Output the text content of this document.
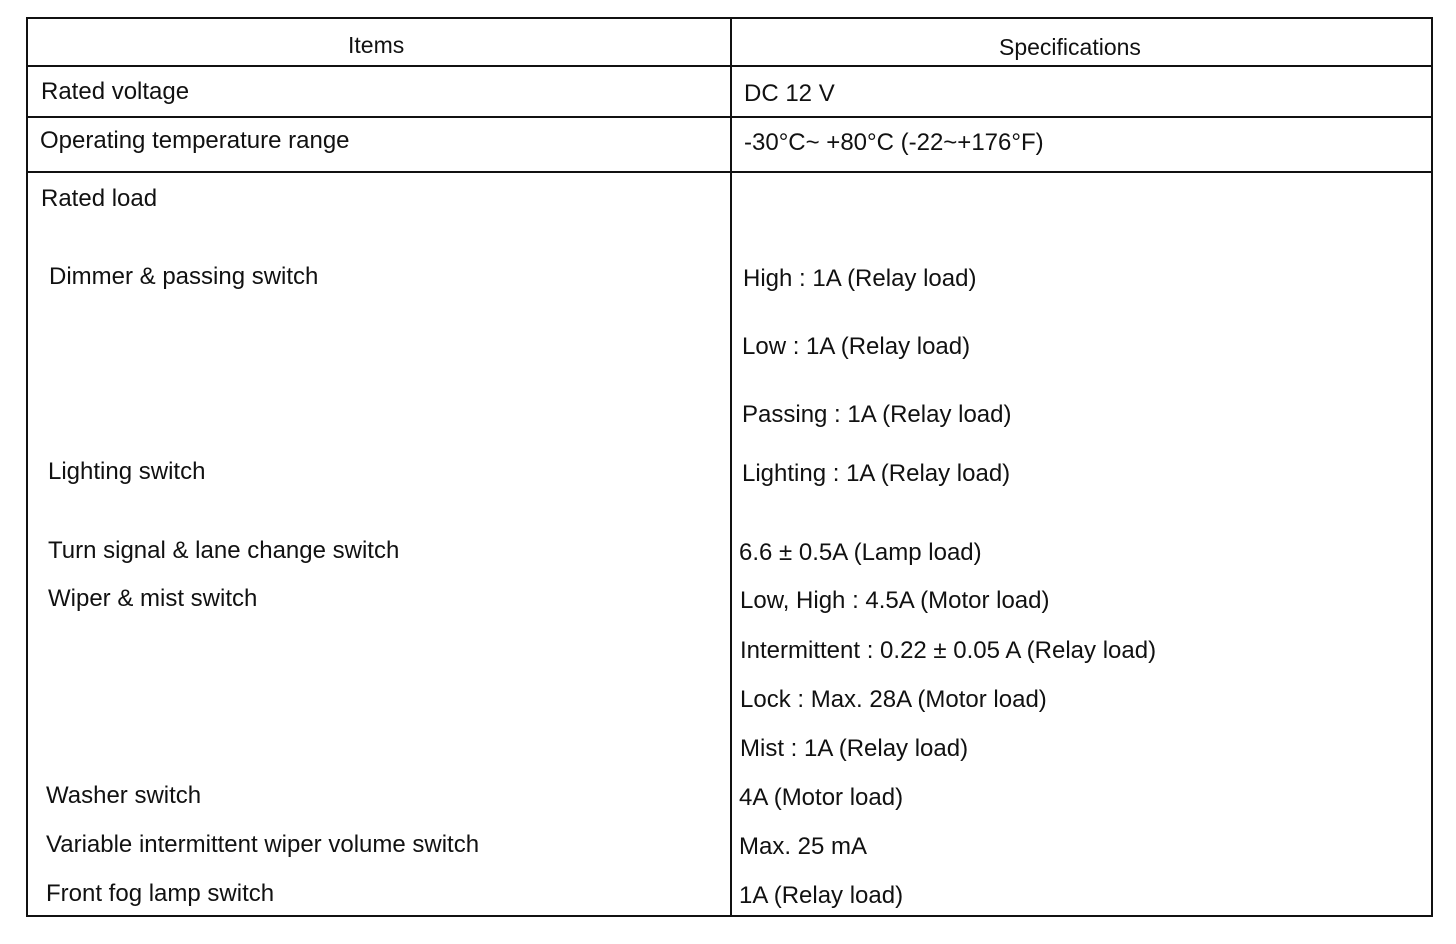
Items	Specifications
Rated voltage	DC 12 V
Operating temperature range	-30°C~ +80°C (-22~+176°F)
Rated load
Dimmer & passing switch	High : 1A (Relay load)
Low : 1A (Relay load)
Passing : 1A (Relay load)
Lighting switch	Lighting : 1A (Relay load)
Turn signal & lane change switch	6.6 ± 0.5A (Lamp load)
Wiper & mist switch	Low, High : 4.5A (Motor load)
Intermittent : 0.22 ± 0.05 A (Relay load)
Lock : Max. 28A (Motor load)
Mist : 1A (Relay load)
Washer switch	4A (Motor load)
Variable intermittent wiper volume switch	Max. 25 mA
Front fog lamp switch	1A (Relay load)
